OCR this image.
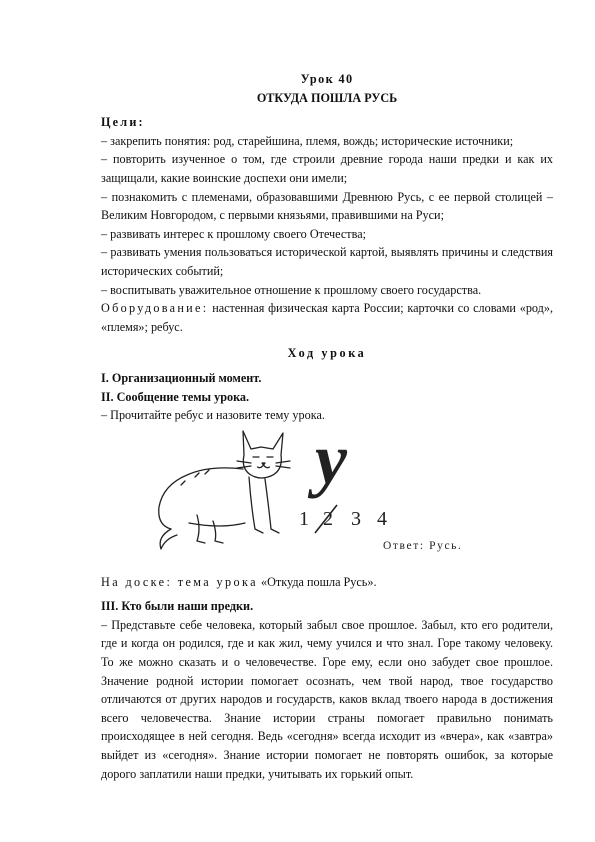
Урок 40

ОТКУДА ПОШЛА РУСЬ

Цели:

– закрепить понятия: род, старейшина, племя, вождь; исторические источники;

– повторить изученное о том, где строили древние города наши предки и как их защищали, какие воинские доспехи они имели;

– познакомить с племенами, образовавшими Древнюю Русь, с ее первой столицей – Великим Новгородом, с первыми князьями, правившими на Руси;

– развивать интерес к прошлому своего Отечества;

– развивать умения пользоваться исторической картой, выявлять причины и следствия исторических событий;

– воспитывать уважительное отношение к прошлому своего государства.

Оборудование: настенная физическая карта России; карточки со словами «род», «племя»; ребус.

Ход урока

I. Организационный момент.

II. Сообщение темы урока.

– Прочитайте ребус и назовите тему урока.

у
1 2 3 4
Ответ: Русь.

На доске: тема урока «Откуда пошла Русь».

III. Кто были наши предки.

– Представьте себе человека, который забыл свое прошлое. Забыл, кто его родители, где и когда он родился, где и как жил, чему учился и что знал. Горе такому человеку. То же можно сказать и о человечестве. Горе ему, если оно забудет свое прошлое. Значение родной истории помогает осознать, чем твой народ, твое государство отличаются от других народов и государств, каков вклад твоего народа в достижения всего человечества. Знание истории страны помогает правильно понимать происходящее в ней сегодня. Ведь «сегодня» всегда исходит из «вчера», как «завтра» выйдет из «сегодня». Знание истории помогает не повторять ошибок, за которые дорого заплатили наши предки, учитывать их горький опыт.
